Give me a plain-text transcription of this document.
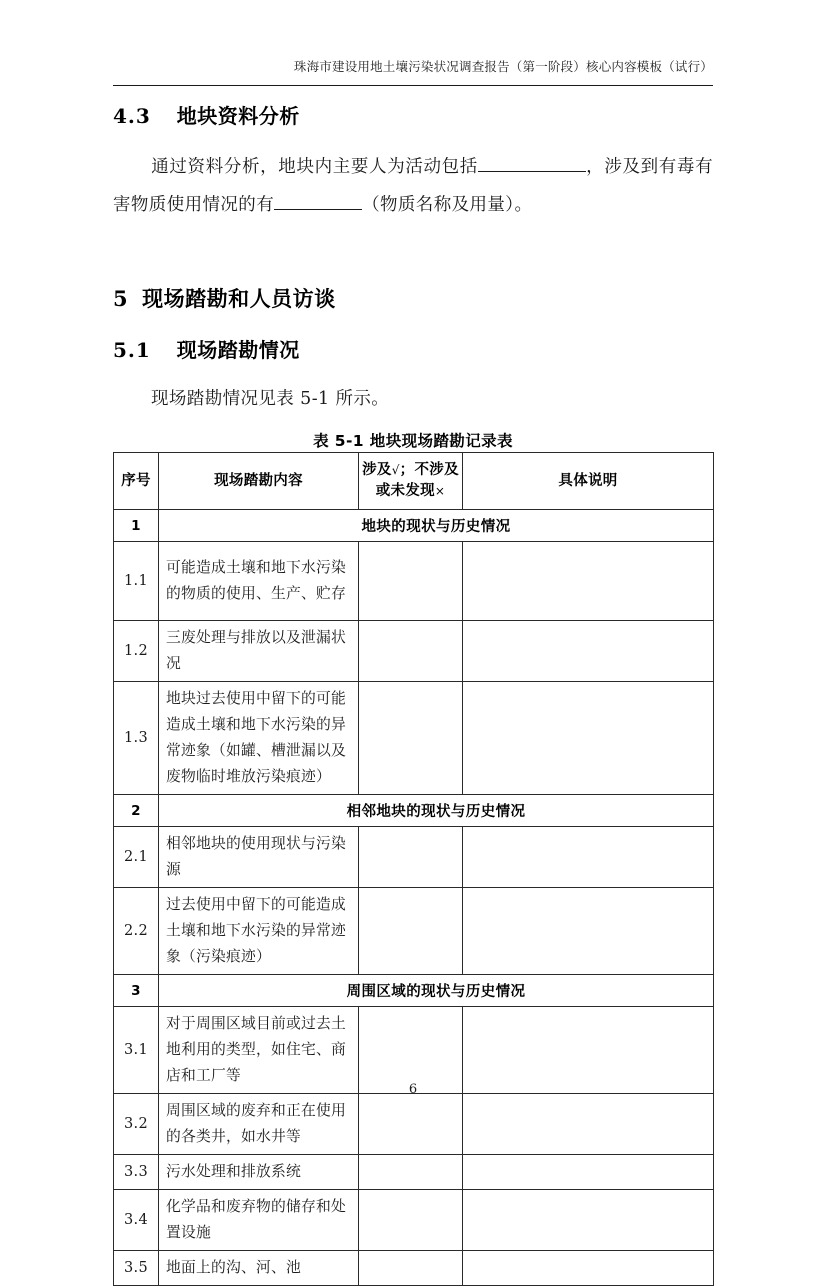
珠海市建设用地土壤污染状况调查报告（第一阶段）核心内容模板（试行）
4.3 地块资料分析

通过资料分析，地块内主要人为活动包括	，涉及到有毒有害物质使用情况的有	（物质名称及用量）。

5 现场踏勘和人员访谈
5.1 现场踏勘情况

现场踏勘情况见表 5-1 所示。

表 5-1 地块现场踏勘记录表
序号	现场踏勘内容	涉及√；不涉及
或未发现×	具体说明

1	地块的现状与历史情况		

1.1	可能造成土壤和地下水污染的物质的使用、生产、贮存		

1.2	三废处理与排放以及泄漏状况		

1.3	地块过去使用中留下的可能造成土壤和地下水污染的异常迹象（如罐、槽泄漏以及废物临时堆放污染痕迹）		

2	相邻地块的现状与历史情况		

2.1	相邻地块的使用现状与污染源		

2.2	过去使用中留下的可能造成土壤和地下水污染的异常迹象（污染痕迹）		

3	周围区域的现状与历史情况		

3.1	对于周围区域目前或过去土地利用的类型，如住宅、商店和工厂等		

3.2	周围区域的废弃和正在使用的各类井，如水井等		

3.3	污水处理和排放系统		

3.4	化学品和废弃物的储存和处置设施		

3.5	地面上的沟、河、池		

6
